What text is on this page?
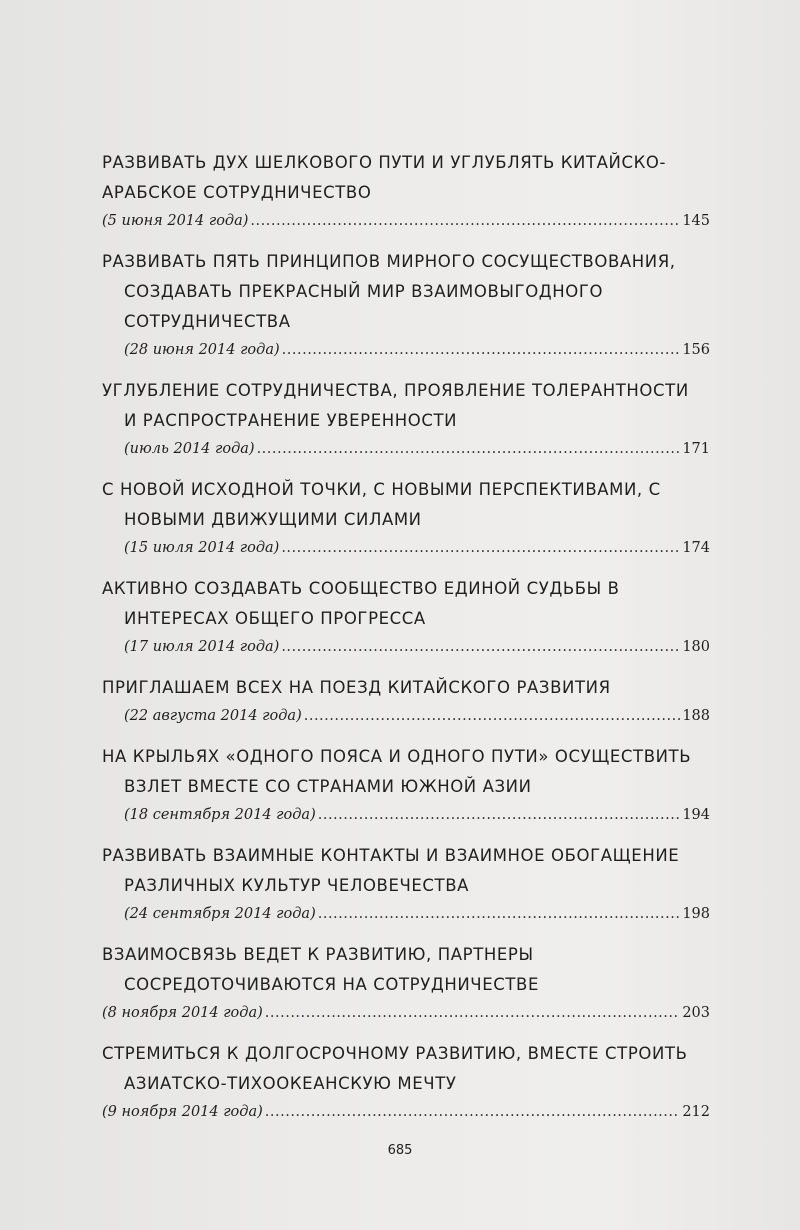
РАЗВИВАТЬ ДУХ ШЕЛКОВОГО ПУТИ И УГЛУБЛЯТЬ КИТАЙСКО-
АРАБСКОЕ СОТРУДНИЧЕСТВО
(5 июня 2014 года) .....	145
РАЗВИВАТЬ ПЯТЬ ПРИНЦИПОВ МИРНОГО СОСУЩЕСТВОВАНИЯ,
СОЗДАВАТЬ ПРЕКРАСНЫЙ МИР ВЗАИМОВЫГОДНОГО
СОТРУДНИЧЕСТВА
(28 июня 2014 года) .....	156
УГЛУБЛЕНИЕ СОТРУДНИЧЕСТВА, ПРОЯВЛЕНИЕ ТОЛЕРАНТНОСТИ
И РАСПРОСТРАНЕНИЕ УВЕРЕННОСТИ
(июль 2014 года) .....	171
С НОВОЙ ИСХОДНОЙ ТОЧКИ, С НОВЫМИ ПЕРСПЕКТИВАМИ, С
НОВЫМИ ДВИЖУЩИМИ СИЛАМИ
(15 июля 2014 года) .....	174
АКТИВНО СОЗДАВАТЬ СООБЩЕСТВО ЕДИНОЙ СУДЬБЫ В
ИНТЕРЕСАХ ОБЩЕГО ПРОГРЕССА
(17 июля 2014 года) .....	180
ПРИГЛАШАЕМ ВСЕХ НА ПОЕЗД КИТАЙСКОГО РАЗВИТИЯ
(22 августа 2014 года) .....	188
НА КРЫЛЬЯХ «ОДНОГО ПОЯСА И ОДНОГО ПУТИ» ОСУЩЕСТВИТЬ
ВЗЛЕТ ВМЕСТЕ СО СТРАНАМИ ЮЖНОЙ АЗИИ
(18 сентября 2014 года) .....	194
РАЗВИВАТЬ ВЗАИМНЫЕ КОНТАКТЫ И ВЗАИМНОЕ ОБОГАЩЕНИЕ
РАЗЛИЧНЫХ КУЛЬТУР ЧЕЛОВЕЧЕСТВА
(24 сентября 2014 года) .....	198
ВЗАИМОСВЯЗЬ ВЕДЕТ К РАЗВИТИЮ, ПАРТНЕРЫ
СОСРЕДОТОЧИВАЮТСЯ НА СОТРУДНИЧЕСТВЕ
(8 ноября 2014 года) .....	203
СТРЕМИТЬСЯ К ДОЛГОСРОЧНОМУ РАЗВИТИЮ, ВМЕСТЕ СТРОИТЬ
АЗИАТСКО-ТИХООКЕАНСКУЮ МЕЧТУ
(9 ноября 2014 года) .....	212
685
